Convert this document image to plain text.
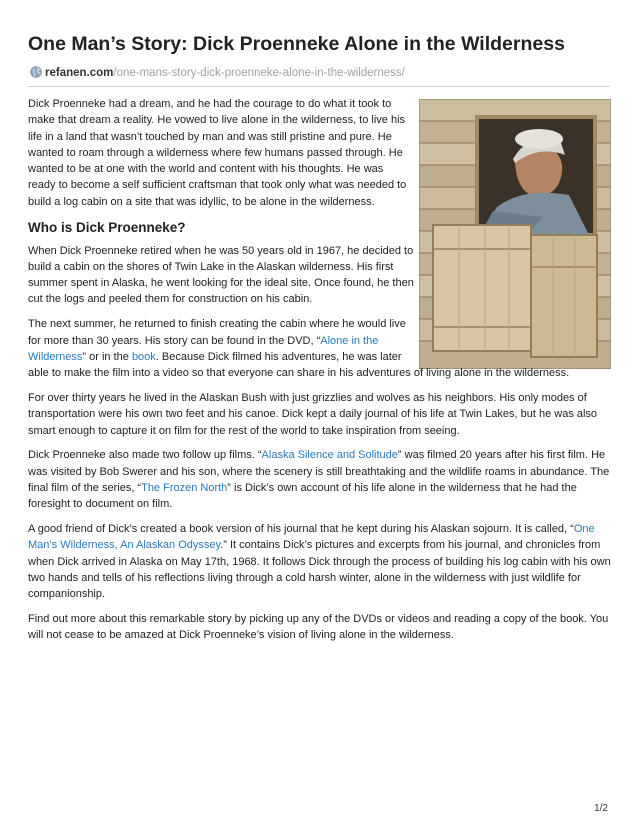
One Man’s Story: Dick Proenneke Alone in the Wilderness
refanen.com/one-mans-story-dick-proenneke-alone-in-the-wilderness/

Dick Proenneke had a dream, and he had the courage to do what it took to
make that dream a reality. He vowed to live alone in the wilderness, to live his
life in a land that wasn’t touched by man and was still pristine and pure. He
wanted to roam through a wilderness where few humans passed through. He
wanted to be at one with the world and content with his thoughts. He was
ready to become a self sufficient craftsman that took only what was needed to
build a log cabin on a site that was idyllic, to be alone in the wilderness.

Who is Dick Proenneke?

When Dick Proenneke retired when he was 50 years old in 1967, he decided to
build a cabin on the shores of Twin Lake in the Alaskan wilderness. His first
summer spent in Alaska, he went looking for the ideal site. Once found, he then
cut the logs and peeled them for construction on his cabin.

The next summer, he returned to finish creating the cabin where he would live
for more than 30 years. His story can be found in the DVD, “Alone in the
Wilderness” or in the book. Because Dick filmed his adventures, he was later
able to make the film into a video so that everyone can share in his adventures of living alone in the wilderness.

For over thirty years he lived in the Alaskan Bush with just grizzlies and wolves as his neighbors. His only modes of transportation were his own two feet and his canoe. Dick kept a daily journal of his life at Twin Lakes, but he was also smart enough to capture it on film for the rest of the world to take inspiration from seeing.

Dick Proenneke also made two follow up films. “Alaska Silence and Solitude” was filmed 20 years after his first film. He was visited by Bob Swerer and his son, where the scenery is still breathtaking and the wildlife roams in abundance. The final film of the series, “The Frozen North” is Dick’s own account of his life alone in the wilderness that he had the foresight to document on film.

A good friend of Dick’s created a book version of his journal that he kept during his Alaskan sojourn. It is called, “One Man’s Wilderness, An Alaskan Odyssey.” It contains Dick’s pictures and excerpts from his journal, and chronicles from when Dick arrived in Alaska on May 17th, 1968. It follows Dick through the process of building his log cabin with his own two hands and tells of his reflections living through a cold harsh winter, alone in the wilderness with just wildlife for companionship.

Find out more about this remarkable story by picking up any of the DVDs or videos and reading a copy of the book. You will not cease to be amazed at Dick Proenneke’s vision of living alone in the wilderness.

1/2
